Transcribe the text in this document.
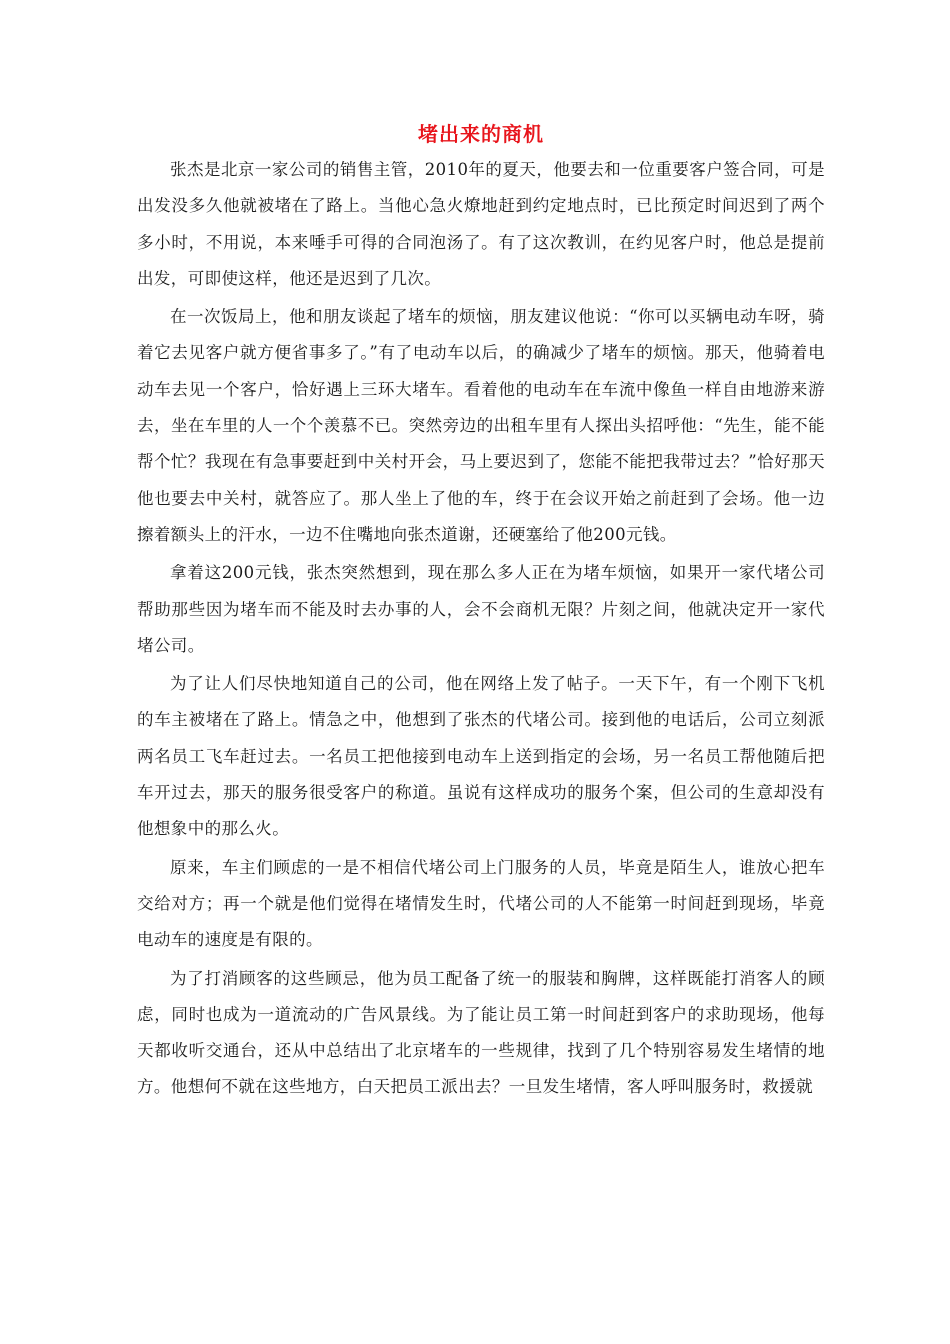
堵出来的商机

张杰是北京一家公司的销售主管，2010年的夏天，他要去和一位重要客户签合同，可是出发没多久他就被堵在了路上。当他心急火燎地赶到约定地点时，已比预定时间迟到了两个多小时，不用说，本来唾手可得的合同泡汤了。有了这次教训，在约见客户时，他总是提前出发，可即使这样，他还是迟到了几次。

在一次饭局上，他和朋友谈起了堵车的烦恼，朋友建议他说：“你可以买辆电动车呀，骑着它去见客户就方便省事多了。”有了电动车以后，的确减少了堵车的烦恼。那天，他骑着电动车去见一个客户，恰好遇上三环大堵车。看着他的电动车在车流中像鱼一样自由地游来游去，坐在车里的人一个个羡慕不已。突然旁边的出租车里有人探出头招呼他：“先生，能不能帮个忙？我现在有急事要赶到中关村开会，马上要迟到了，您能不能把我带过去？”恰好那天他也要去中关村，就答应了。那人坐上了他的车，终于在会议开始之前赶到了会场。他一边擦着额头上的汗水，一边不住嘴地向张杰道谢，还硬塞给了他200元钱。

拿着这200元钱，张杰突然想到，现在那么多人正在为堵车烦恼，如果开一家代堵公司帮助那些因为堵车而不能及时去办事的人，会不会商机无限？片刻之间，他就决定开一家代堵公司。

为了让人们尽快地知道自己的公司，他在网络上发了帖子。一天下午，有一个刚下飞机的车主被堵在了路上。情急之中，他想到了张杰的代堵公司。接到他的电话后，公司立刻派两名员工飞车赶过去。一名员工把他接到电动车上送到指定的会场，另一名员工帮他随后把车开过去，那天的服务很受客户的称道。虽说有这样成功的服务个案，但公司的生意却没有他想象中的那么火。

原来，车主们顾虑的一是不相信代堵公司上门服务的人员，毕竟是陌生人，谁放心把车交给对方；再一个就是他们觉得在堵情发生时，代堵公司的人不能第一时间赶到现场，毕竟电动车的速度是有限的。

为了打消顾客的这些顾忌，他为员工配备了统一的服装和胸牌，这样既能打消客人的顾虑，同时也成为一道流动的广告风景线。为了能让员工第一时间赶到客户的求助现场，他每天都收听交通台，还从中总结出了北京堵车的一些规律，找到了几个特别容易发生堵情的地方。他想何不就在这些地方，白天把员工派出去？一旦发生堵情，客人呼叫服务时，救援就
